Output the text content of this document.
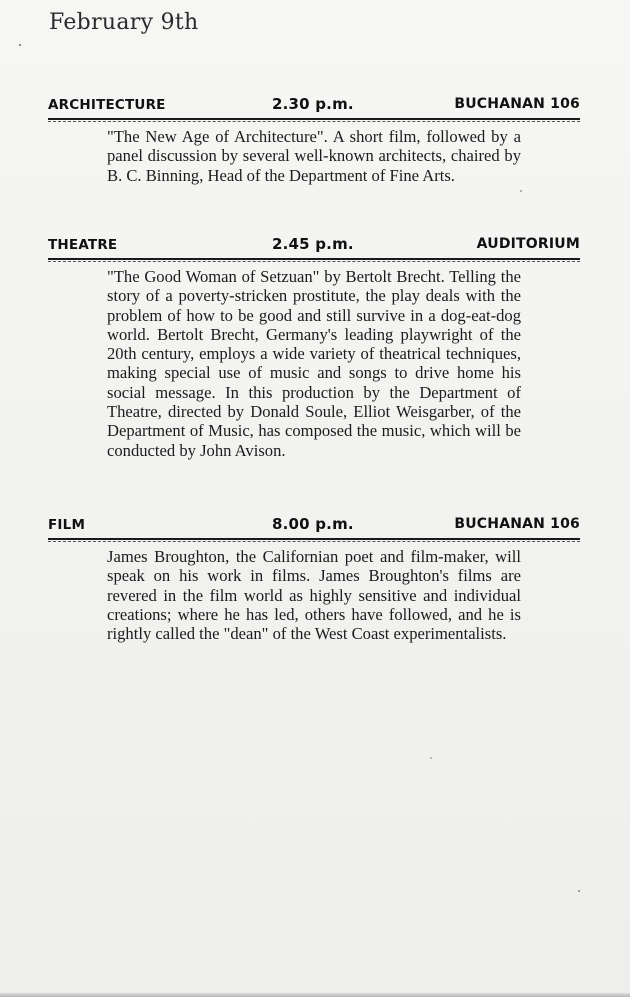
February 9th
ARCHITECTURE	2.30 p.m.	BUCHANAN 106
"The New Age of Architecture". A short film, followed by a panel discussion by several well-known architects, chaired by B. C. Binning, Head of the Department of Fine Arts.
THEATRE	2.45 p.m.	AUDITORIUM
"The Good Woman of Setzuan" by Bertolt Brecht. Telling the story of a poverty-stricken prostitute, the play deals with the problem of how to be good and still survive in a dog-eat-dog world. Bertolt Brecht, Germany's leading playwright of the 20th century, employs a wide variety of theatrical techniques, making special use of music and songs to drive home his social message. In this production by the Department of Theatre, directed by Donald Soule, Elliot Weisgarber, of the Department of Music, has composed the music, which will be conducted by John Avison.
FILM	8.00 p.m.	BUCHANAN 106
James Broughton, the Californian poet and film-maker, will speak on his work in films. James Broughton's films are revered in the film world as highly sensitive and individual creations; where he has led, others have followed, and he is rightly called the "dean" of the West Coast experimentalists.
